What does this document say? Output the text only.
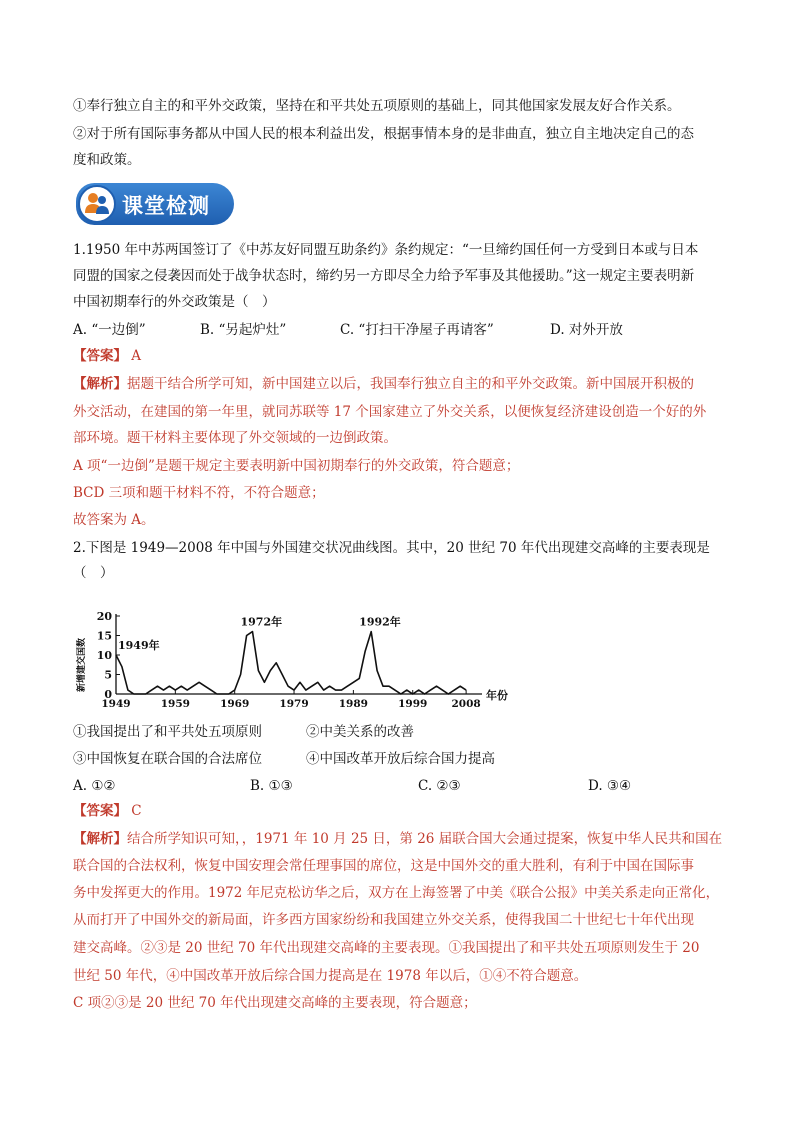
①奉行独立自主的和平外交政策，坚持在和平共处五项原则的基础上，同其他国家发展友好合作关系。
②对于所有国际事务都从中国人民的根本利益出发，根据事情本身的是非曲直，独立自主地决定自己的态
度和政策。
课堂检测
1.1950 年中苏两国签订了《中苏友好同盟互助条约》条约规定：“一旦缔约国任何一方受到日本或与日本
同盟的国家之侵袭因而处于战争状态时，缔约另一方即尽全力给予军事及其他援助。”这一规定主要表明新
中国初期奉行的外交政策是（　）
A. “一边倒”	B. “另起炉灶”	C. “打扫干净屋子再请客”	D. 对外开放
【答案】 A
【解析】据题干结合所学可知，新中国建立以后，我国奉行独立自主的和平外交政策。新中国展开积极的
外交活动，在建国的第一年里，就同苏联等 17 个国家建立了外交关系，以便恢复经济建设创造一个好的外
部环境。题干材料主要体现了外交领域的一边倒政策。
A 项“一边倒”是题干规定主要表明新中国初期奉行的外交政策，符合题意；
BCD 三项和题干材料不符，不符合题意；
故答案为 A。
2.下图是 1949—2008 年中国与外国建交状况曲线图。其中，20 世纪 70 年代出现建交高峰的主要表现是
（　）
0
5
10
15
20
1949	1959	1969	1979	1989	1999 2008
新增建交国数
年份
1949年
1972年	1992年
①我国提出了和平共处五项原则	②中美关系的改善
③中国恢复在联合国的合法席位	④中国改革开放后综合国力提高
A. ①②	B. ①③	C. ②③	D. ③④
【答案】 C
【解析】结合所学知识可知，，1971 年 10 月 25 日，第 26 届联合国大会通过提案，恢复中华人民共和国在
联合国的合法权利，恢复中国安理会常任理事国的席位，这是中国外交的重大胜利，有利于中国在国际事
务中发挥更大的作用。1972 年尼克松访华之后，双方在上海签署了中美《联合公报》中美关系走向正常化，
从而打开了中国外交的新局面，许多西方国家纷纷和我国建立外交关系，使得我国二十世纪七十年代出现
建交高峰。②③是 20 世纪 70 年代出现建交高峰的主要表现。①我国提出了和平共处五项原则发生于 20
世纪 50 年代，④中国改革开放后综合国力提高是在 1978 年以后，①④不符合题意。
C 项②③是 20 世纪 70 年代出现建交高峰的主要表现，符合题意；
